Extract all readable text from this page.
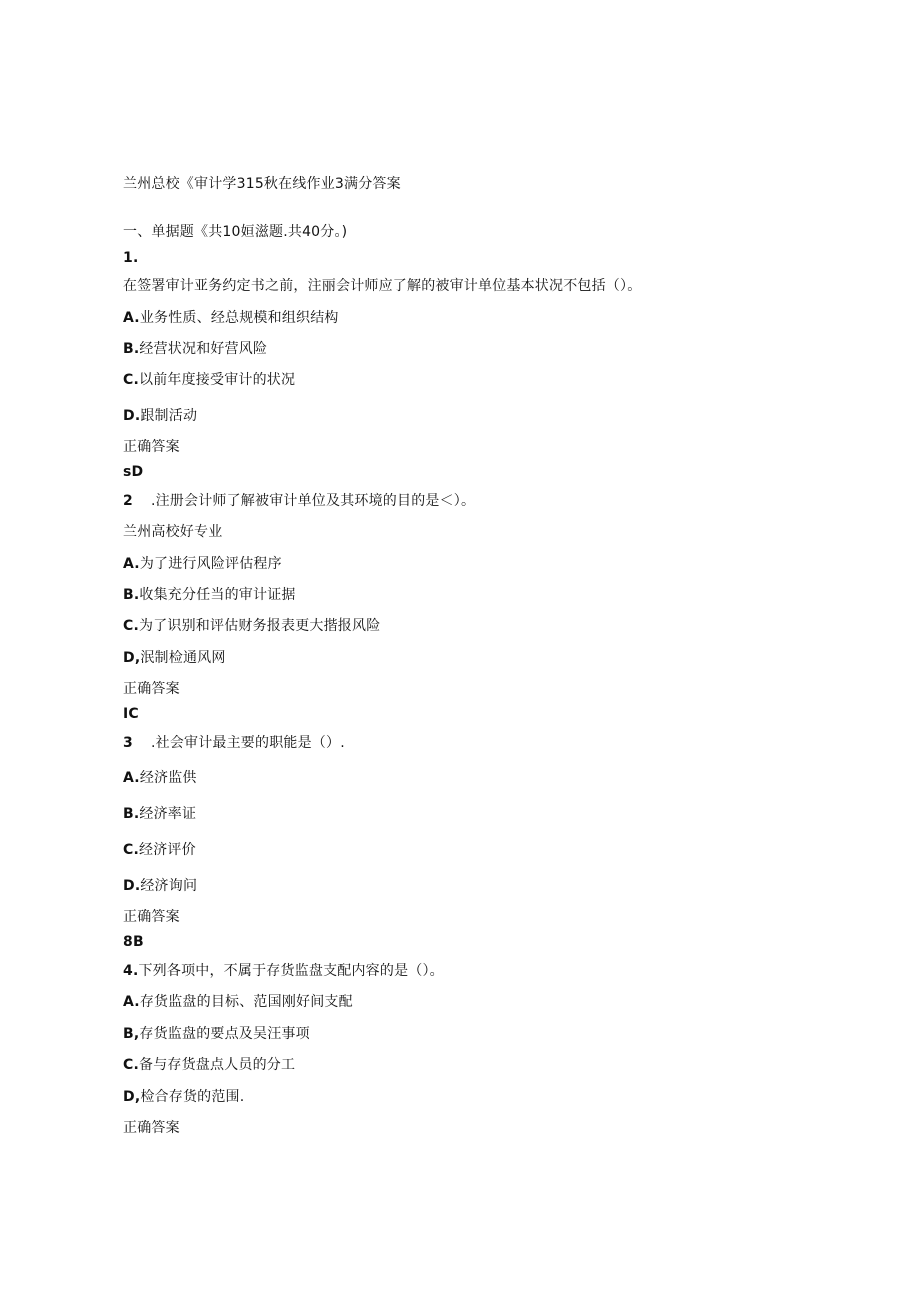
兰州总校《审计学315秋在线作业3满分答案
一、单据题《共10姮滋题.共40分。)
1.
在签署审计亚务约定书之前，注丽会计师应了解的被审计单位基本状况不包括（）。
A.业务性质、经总规模和组织结构
B.经营状况和好营风险
C.以前年度接受审计的状况
D.跟制活动
正确答案
sD
2 .注册会计师了解被审计单位及其环境的目的是＜）。
兰州高校好专业
A.为了进行风险评估程序
B.收集充分任当的审计证据
C.为了识别和评估财务报表更大揩报风险
D,泯制检通风网
正确答案
IC
3 .社会审计最主要的职能是（）.
A.经济监供
B.经济率证
C.经济评价
D.经济询问
正确答案
8B
4.下列各项中，不属于存货监盘支配内容的是（）。
A.存货监盘的目标、范国刚好间支配
B,存货监盘的要点及吴汪事项
C.备与存货盘点人员的分工
D,检合存货的范围.
正确答案
